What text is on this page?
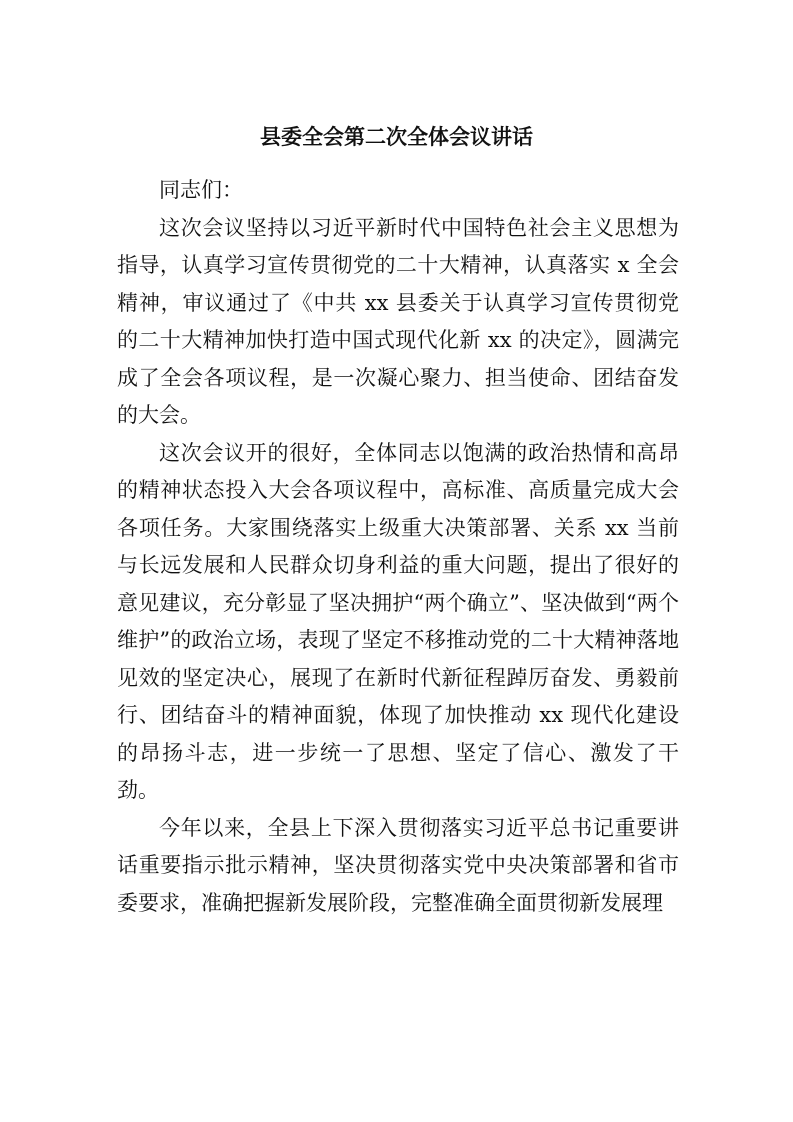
县委全会第二次全体会议讲话

同志们：

这次会议坚持以习近平新时代中国特色社会主义思想为指导，认真学习宣传贯彻党的二十大精神，认真落实 x 全会精神，审议通过了《中共 xx 县委关于认真学习宣传贯彻党的二十大精神加快打造中国式现代化新 xx 的决定》，圆满完成了全会各项议程，是一次凝心聚力、担当使命、团结奋发的大会。

这次会议开的很好，全体同志以饱满的政治热情和高昂的精神状态投入大会各项议程中，高标准、高质量完成大会各项任务。大家围绕落实上级重大决策部署、关系 xx 当前与长远发展和人民群众切身利益的重大问题，提出了很好的意见建议，充分彰显了坚决拥护“两个确立”、坚决做到“两个维护”的政治立场，表现了坚定不移推动党的二十大精神落地见效的坚定决心，展现了在新时代新征程踔厉奋发、勇毅前行、团结奋斗的精神面貌，体现了加快推动 xx 现代化建设的昂扬斗志，进一步统一了思想、坚定了信心、激发了干劲。

今年以来，全县上下深入贯彻落实习近平总书记重要讲话重要指示批示精神，坚决贯彻落实党中央决策部署和省市委要求，准确把握新发展阶段，完整准确全面贯彻新发展理
